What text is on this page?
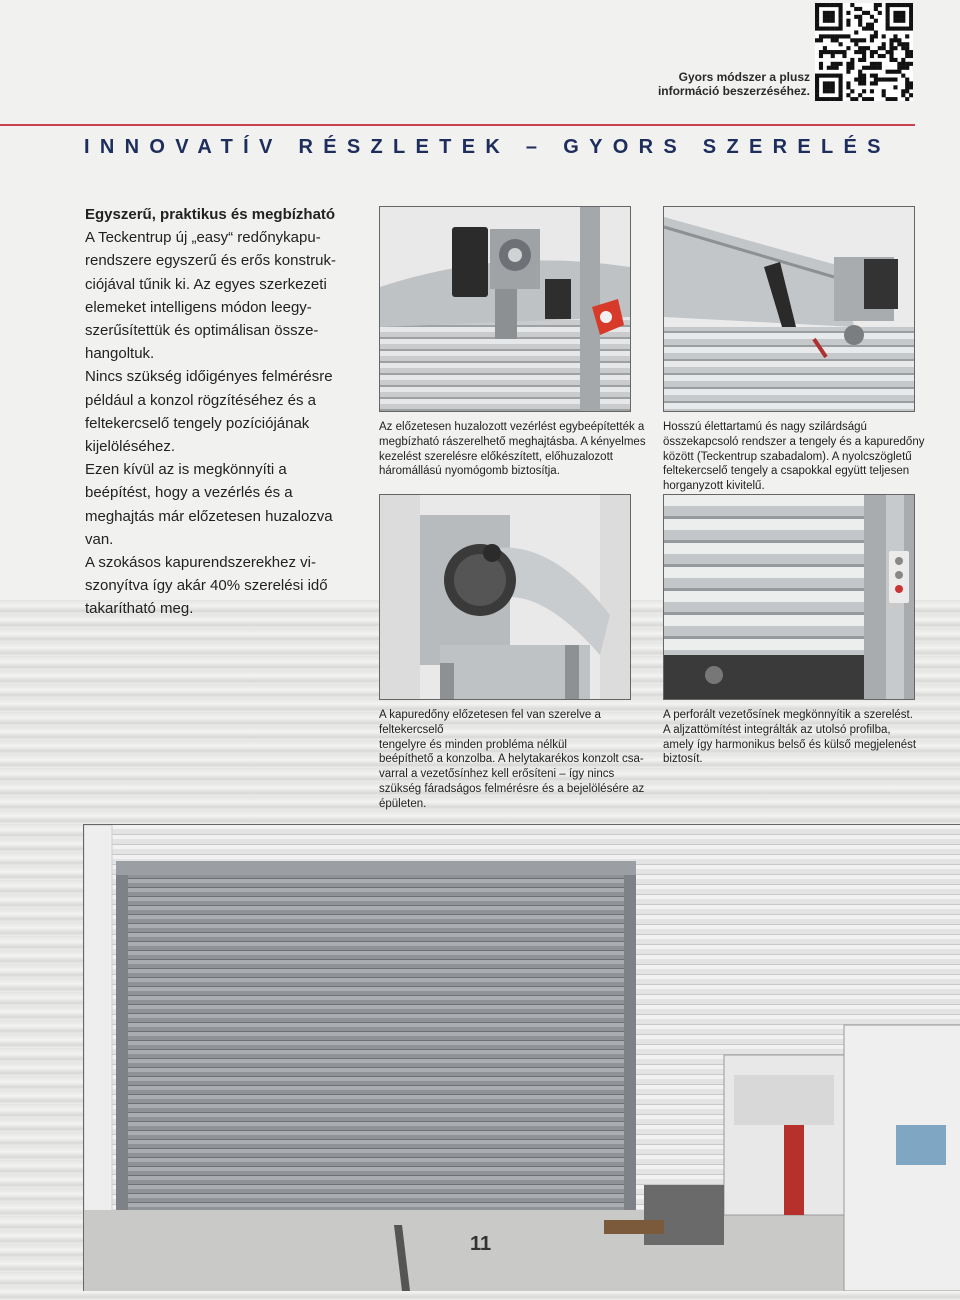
Gyors módszer a plusz
információ beszerzéséhez.
INNOVATÍV RÉSZLETEK – GYORS SZERELÉS

Egyszerű, praktikus és megbízható

A Teckentrup új „easy“ redőnykapu-

rendszere egyszerű és erős konstruk-

ciójával tűnik ki. Az egyes szerkezeti

elemeket intelligens módon leegy-

szerűsítettük és optimálisan össze-

hangoltuk.

Nincs szükség időigényes felmérésre

például a konzol rögzítéséhez és a

feltekercselő tengely pozíciójának

kijelöléséhez.

Ezen kívül az is megkönnyíti a

beépítést, hogy a vezérlés és a

meghajtás már előzetesen huzalozva

van.

A szokásos kapurendszerekhez vi-

szonyítva így akár 40% szerelési idő

takarítható meg.

Az előzetesen huzalozott vezérlést egybeépítették a

megbízható rászerelhető meghajtásba. A kényelmes

kezelést szerelésre előkészített, előhuzalozott

háromállású nyomógomb biztosítja.

Hosszú élettartamú és nagy szilárdságú

összekapcsoló rendszer a tengely és a kapuredőny

között (Teckentrup szabadalom). A nyolcszögletű

feltekercselő tengely a csapokkal együtt teljesen

horganyzott kivitelű.

A kapuredőny előzetesen fel van szerelve a feltekercselő

tengelyre és minden probléma nélkül

beépíthető a konzolba. A helytakarékos konzolt csa-

varral a vezetősínhez kell erősíteni – így nincs

szükség fáradságos felmérésre és a bejelölésére az

épületen.

A perforált vezetősínek megkönnyítik a szerelést.

A aljzattömítést integrálták az utolsó profilba,

amely így harmonikus belső és külső megjelenést

biztosít.

11
